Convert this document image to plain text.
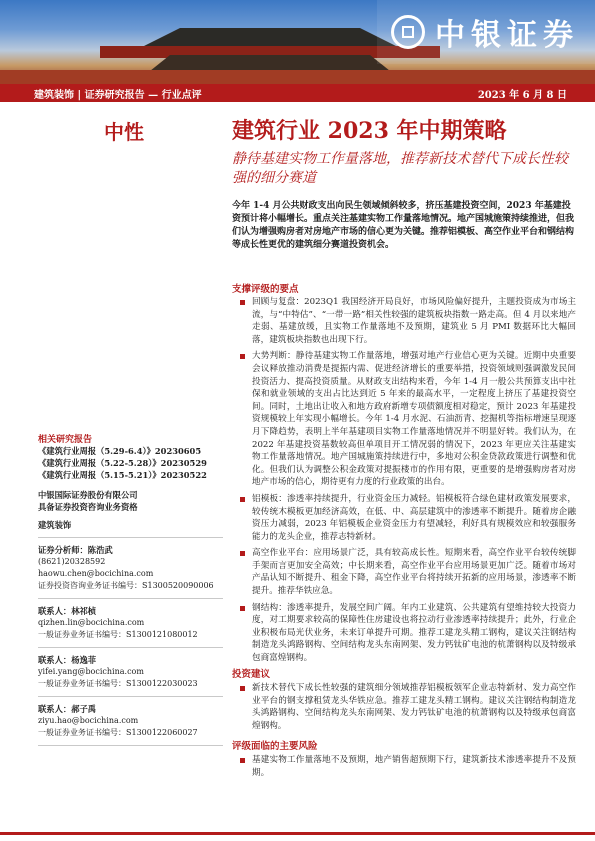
中银证券
建筑装饰 | 证券研究报告 — 行业点评	2023 年 6 月 8 日
中性	建筑行业 2023 年中期策略
静待基建实物工作量落地，推荐新技术替代下成长性较强的细分赛道
今年 1-4 月公共财政支出向民生领域倾斜较多，挤压基建投资空间，2023 年基建投资预计将小幅增长。重点关注基建实物工作量落地情况。地产国城施策持续推进，但我们认为增强购房者对房地产市场的信心更为关键。推荐铝模板、高空作业平台和钢结构等成长性更优的建筑细分赛道投资机会。
支撑评级的要点
回顾与复盘：2023Q1 我国经济开局良好，市场风险偏好提升，主题投资成为市场主流，与“中特估”、“一带一路”相关性较强的建筑板块指数一路走高。但 4 月以来地产走弱、基建放缓，且实物工作量落地不及预期，建筑业 5 月 PMI 数据环比大幅回落，建筑板块指数也出现下行。
大势判断：静待基建实物工作量落地，增强对地产行业信心更为关键。近期中央重要会议释放推动消费是提振内需、促进经济增长的重要举措，投资领域则强调激发民间投资活力、提高投资质量。从财政支出结构来看，今年 1-4 月一般公共预算支出中社保和就业领域的支出占比达到近 5 年来的最高水平，一定程度上挤压了基建投资空间。同时，土地出让收入和地方政府新增专项债额度相对稳定，预计 2023 年基建投资规模较上年实现小幅增长。今年 1-4 月水泥、石油沥青、挖掘机等指标增速呈现逐月下降趋势，表明上半年基建项目实物工作量落地情况并不明显好转。我们认为，在 2022 年基建投资基数较高但单项目开工情况弱的情况下，2023 年更应关注基建实物工作量落地情况。地产国城施策持续进行中，多地对公积金贷款政策进行调整和优化。但我们认为调整公积金政策对提振楼市的作用有限，更重要的是增强购房者对房地产市场的信心，期待更有力度的行业政策的出台。
铝模板：渗透率持续提升，行业资金压力减轻。铝模板符合绿色建材政策发展要求，较传统木模板更加经济高效，在低、中、高层建筑中的渗透率不断提升。随着房企融资压力减弱，2023 年铝模板企业资金压力有望减轻，利好具有规模效应和较强服务能力的龙头企业，推荐志特新材。
高空作业平台：应用场景广泛，具有较高成长性。短期来看，高空作业平台较传统脚手架而言更加安全高效；中长期来看，高空作业平台应用场景更加广泛。随着市场对产品认知不断提升、租金下降，高空作业平台将持续开拓新的应用场景，渗透率不断提升。推荐华铁应急。
钢结构：渗透率提升，发展空间广阔。年内工业建筑、公共建筑有望维持较大投资力度，对工期要求较高的保障性住房建设也将拉动行业渗透率持续提升；此外，行业企业积极布局光伏业务，未来订单提升可期。推荐工建龙头精工钢构，建议关注钢结构制造龙头鸿路钢构、空间结构龙头东南网架、发力钙钛矿电池的杭萧钢构以及特级承包商富煌钢构。
投资建议
新技术替代下成长性较强的建筑细分领域推荐铝模板领军企业志特新材、发力高空作业平台的钢支撑租赁龙头华铁应急。推荐工建龙头精工钢构。建议关注钢结构制造龙头鸿路钢构、空间结构龙头东南网架、发力钙钛矿电池的杭萧钢构以及特级承包商富煌钢构。
评级面临的主要风险
基建实物工作量落地不及预期，地产销售超预期下行，建筑新技术渗透率提升不及预期。
相关研究报告
《建筑行业周报（5.29-6.4）》20230605
《建筑行业周报（5.22-5.28）》20230529
《建筑行业周报（5.15-5.21）》20230522
中银国际证券股份有限公司
具备证券投资咨询业务资格
建筑装饰
证券分析师：陈浩武
(8621)20328592
haowu.chen@bocichina.com
证券投资咨询业务证书编号：S1300520090006
联系人：林祁桢
qizhen.lin@bocichina.com
一般证券业务证书编号：S1300121080012
联系人：杨逸菲
yifei.yang@bocichina.com
一般证券业务证书编号：S1300122030023
联系人：郝子禹
ziyu.hao@bocichina.com
一般证券业务证书编号：S1300122060027
